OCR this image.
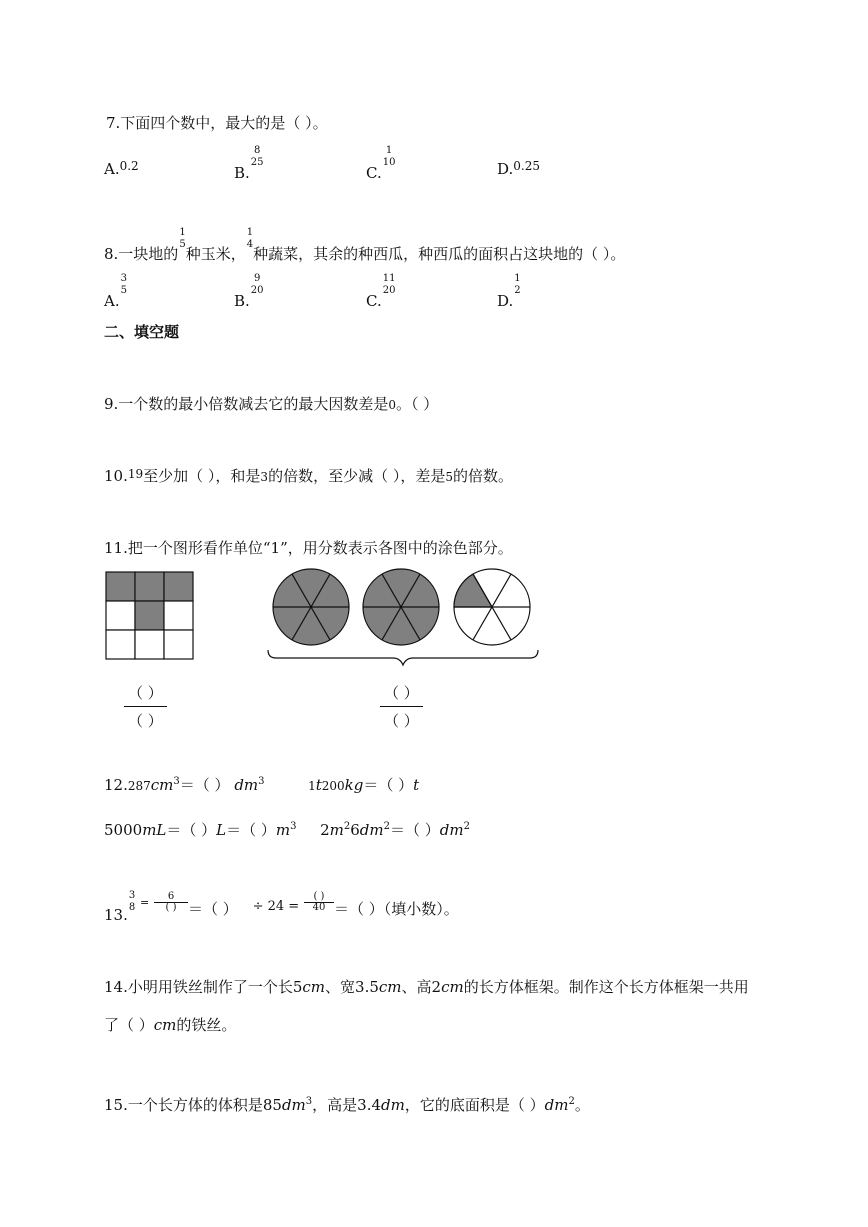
7.下面四个数中，最大的是（ ）。
A.$^{0.2}$	B.
8
25
C.
1
10	D.$^{0.25}$
8.一块地的
1
5
种玉米，
1
4
种蔬菜，其余的种西瓜，种西瓜的面积占这块地的（ ）。
A.
3
5
B.
9
20
C.
11
20
D.
1
2
二、填空题
9.一个数的最小倍数减去它的最大因数差是0。（ ）
10.19至少加（ ），和是3的倍数，至少减（ ），差是5的倍数。
11.把一个图形看作单位“1”，用分数表示各图中的涂色部分。
（ ）
（ ）
（ ）
（ ）
$12.287cm^3=$（ ） $dm^3$	1t200kg＝（ ）t
5000mL＝（ ）L＝（ ）$m^3$ $2m^26dm^2=$（ ）$dm^2$
13.
3
$8 = \frac{6}{( )}$ ＝（ ） ÷ $24 = \frac{( )}{40}$ ＝（ ）（填小数）。
14.小明用铁丝制作了一个长5cm、宽3.5cm、高2cm的长方体框架。制作这个长方体框架一共用
了（ ）cm的铁丝。
15.一个长方体的体积是$85dm^3$，高是3.4dm，它的底面积是（ ）$dm^2$。
